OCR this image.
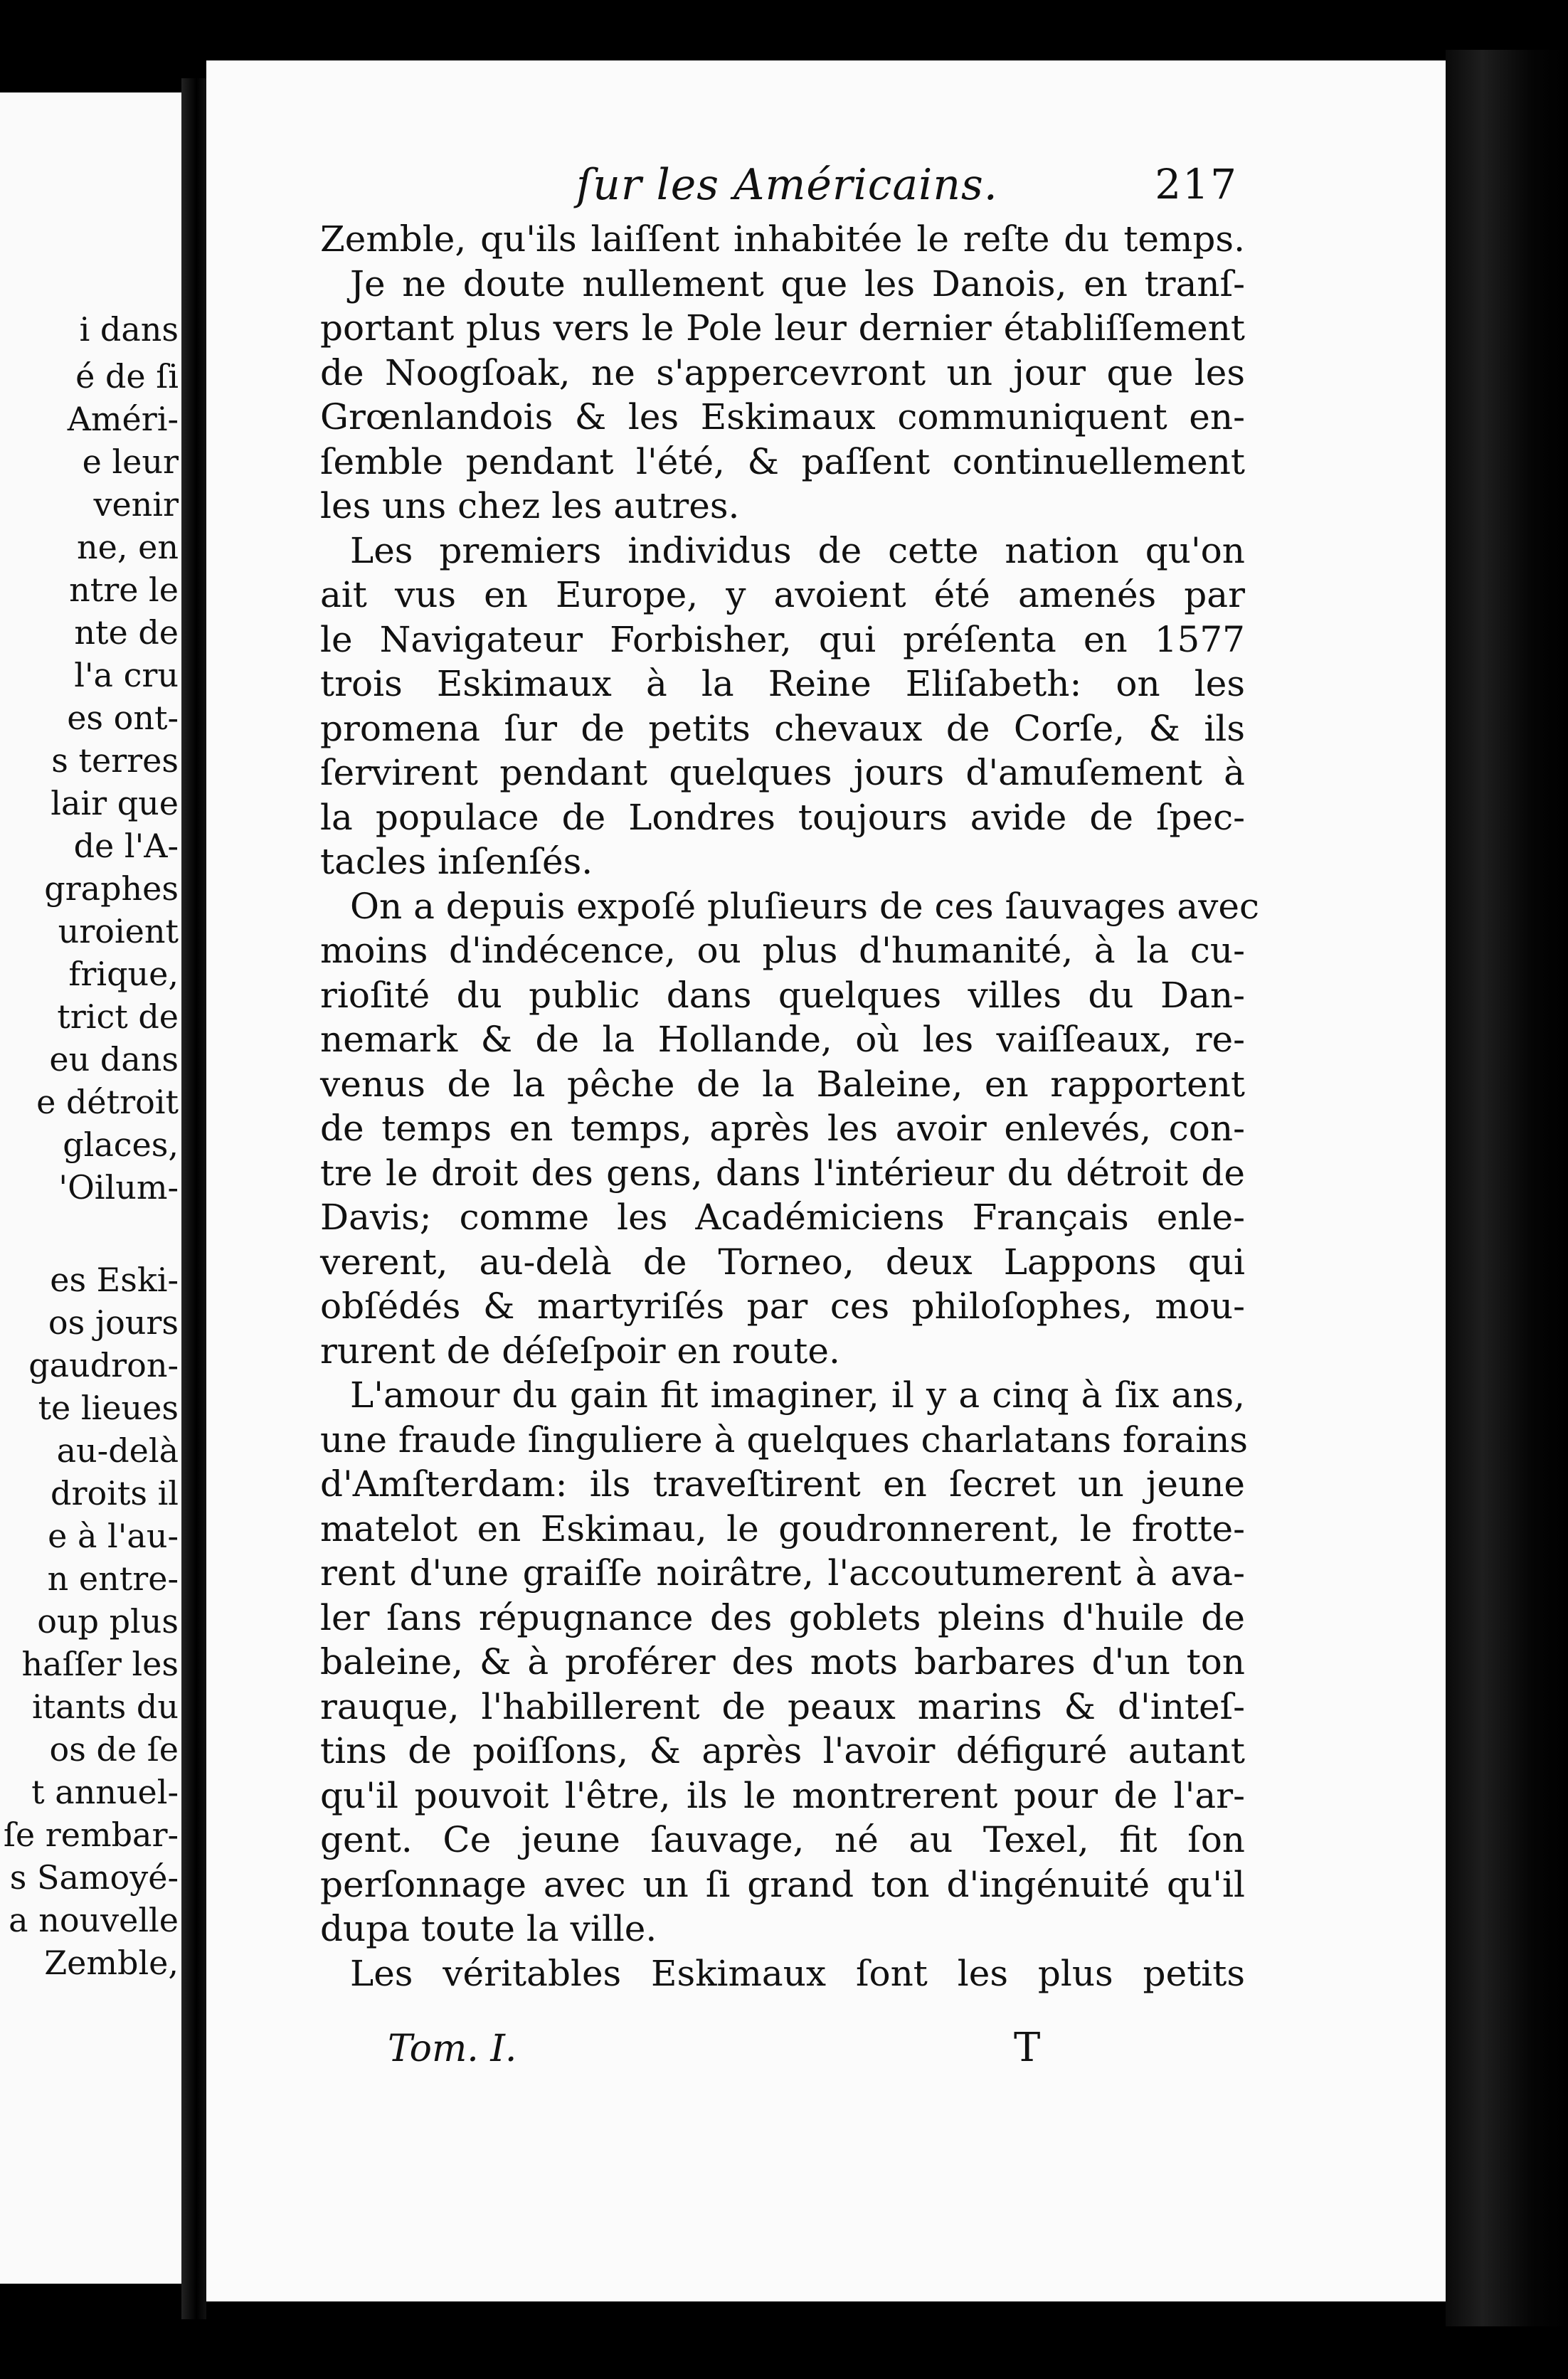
i dans

é de ſi

Améri-

e leur

venir

ne, en

ntre le

nte de

l'a cru

es ont-

s terres

lair que

de l'A-

graphes

uroient

frique,

trict de

eu dans

e détroit

glaces,

'Oilum-

es Eski-

os jours

gaudron-

te lieues

au-delà

droits il

e à l'au-

n entre-

oup plus

haſſer les

itants du

os de ſe

t annuel-

ſe rembar-

s Samoyé-

a nouvelle

Zemble,

ſur les Américains.	217
Zemble, qu'ils laiſſent inhabitée le reſte du temps.
Je ne doute nullement que les Danois, en tranſ-
portant plus vers le Pole leur dernier établiſſement
de Noogſoak, ne s'appercevront un jour que les
Grœnlandois & les Eskimaux communiquent en-
ſemble pendant l'été, & paſſent continuellement
les uns chez les autres.
Les premiers individus de cette nation qu'on
ait vus en Europe, y avoient été amenés par
le Navigateur Forbisher, qui préſenta en 1577
trois Eskimaux à la Reine Eliſabeth: on les
promena ſur de petits chevaux de Corſe, & ils
ſervirent pendant quelques jours d'amuſement à
la populace de Londres toujours avide de ſpec-
tacles inſenſés.
On a depuis expoſé pluſieurs de ces ſauvages avec
moins d'indécence, ou plus d'humanité, à la cu-
rioſité du public dans quelques villes du Dan-
nemark & de la Hollande, où les vaiſſeaux, re-
venus de la pêche de la Baleine, en rapportent
de temps en temps, après les avoir enlevés, con-
tre le droit des gens, dans l'intérieur du détroit de
Davis; comme les Académiciens Français enle-
verent, au-delà de Torneo, deux Lappons qui
obſédés & martyriſés par ces philoſophes, mou-
rurent de déſeſpoir en route.
L'amour du gain fit imaginer, il y a cinq à ſix ans,
une fraude ſinguliere à quelques charlatans forains
d'Amſterdam: ils traveſtirent en ſecret un jeune
matelot en Eskimau, le goudronnerent, le frotte-
rent d'une graiſſe noirâtre, l'accoutumerent à ava-
ler ſans répugnance des goblets pleins d'huile de
baleine, & à proférer des mots barbares d'un ton
rauque, l'habillerent de peaux marins & d'inteſ-
tins de poiſſons, & après l'avoir défiguré autant
qu'il pouvoit l'être, ils le montrerent pour de l'ar-
gent. Ce jeune ſauvage, né au Texel, fit ſon
perſonnage avec un ſi grand ton d'ingénuité qu'il
dupa toute la ville.
Les véritables Eskimaux ſont les plus petits
Tom. I.	T
